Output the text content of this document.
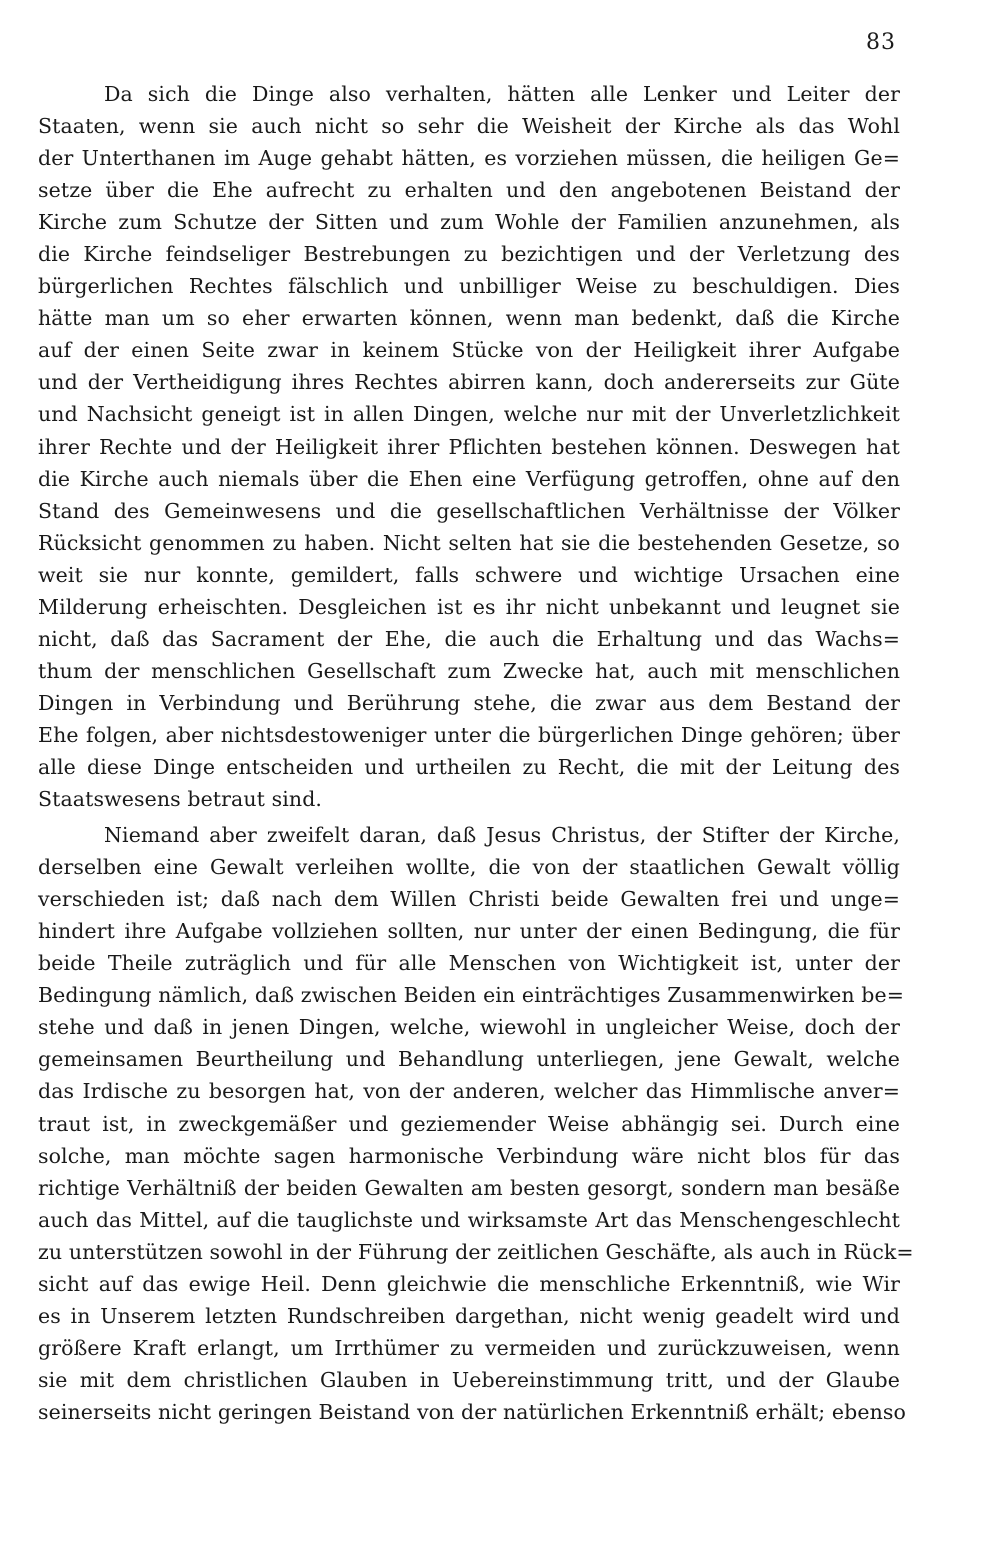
83
Da sich die Dinge also verhalten, hätten alle Lenker und Leiter der
Staaten, wenn sie auch nicht so sehr die Weisheit der Kirche als das Wohl
der Unterthanen im Auge gehabt hätten, es vorziehen müssen, die heiligen Ge=
setze über die Ehe aufrecht zu erhalten und den angebotenen Beistand der
Kirche zum Schutze der Sitten und zum Wohle der Familien anzunehmen, als
die Kirche feindseliger Bestrebungen zu bezichtigen und der Verletzung des
bürgerlichen Rechtes fälschlich und unbilliger Weise zu beschuldigen. Dies
hätte man um so eher erwarten können, wenn man bedenkt, daß die Kirche
auf der einen Seite zwar in keinem Stücke von der Heiligkeit ihrer Aufgabe
und der Vertheidigung ihres Rechtes abirren kann, doch andererseits zur Güte
und Nachsicht geneigt ist in allen Dingen, welche nur mit der Unverletzlichkeit
ihrer Rechte und der Heiligkeit ihrer Pflichten bestehen können. Deswegen hat
die Kirche auch niemals über die Ehen eine Verfügung getroffen, ohne auf den
Stand des Gemeinwesens und die gesellschaftlichen Verhältnisse der Völker
Rücksicht genommen zu haben. Nicht selten hat sie die bestehenden Gesetze, so
weit sie nur konnte, gemildert, falls schwere und wichtige Ursachen eine
Milderung erheischten. Desgleichen ist es ihr nicht unbekannt und leugnet sie
nicht, daß das Sacrament der Ehe, die auch die Erhaltung und das Wachs=
thum der menschlichen Gesellschaft zum Zwecke hat, auch mit menschlichen
Dingen in Verbindung und Berührung stehe, die zwar aus dem Bestand der
Ehe folgen, aber nichtsdestoweniger unter die bürgerlichen Dinge gehören; über
alle diese Dinge entscheiden und urtheilen zu Recht, die mit der Leitung des
Staatswesens betraut sind.
Niemand aber zweifelt daran, daß Jesus Christus, der Stifter der Kirche,
derselben eine Gewalt verleihen wollte, die von der staatlichen Gewalt völlig
verschieden ist; daß nach dem Willen Christi beide Gewalten frei und unge=
hindert ihre Aufgabe vollziehen sollten, nur unter der einen Bedingung, die für
beide Theile zuträglich und für alle Menschen von Wichtigkeit ist, unter der
Bedingung nämlich, daß zwischen Beiden ein einträchtiges Zusammenwirken be=
stehe und daß in jenen Dingen, welche, wiewohl in ungleicher Weise, doch der
gemeinsamen Beurtheilung und Behandlung unterliegen, jene Gewalt, welche
das Irdische zu besorgen hat, von der anderen, welcher das Himmlische anver=
traut ist, in zweckgemäßer und geziemender Weise abhängig sei. Durch eine
solche, man möchte sagen harmonische Verbindung wäre nicht blos für das
richtige Verhältniß der beiden Gewalten am besten gesorgt, sondern man besäße
auch das Mittel, auf die tauglichste und wirksamste Art das Menschengeschlecht
zu unterstützen sowohl in der Führung der zeitlichen Geschäfte, als auch in Rück=
sicht auf das ewige Heil. Denn gleichwie die menschliche Erkenntniß, wie Wir
es in Unserem letzten Rundschreiben dargethan, nicht wenig geadelt wird und
größere Kraft erlangt, um Irrthümer zu vermeiden und zurückzuweisen, wenn
sie mit dem christlichen Glauben in Uebereinstimmung tritt, und der Glaube
seinerseits nicht geringen Beistand von der natürlichen Erkenntniß erhält; ebenso
